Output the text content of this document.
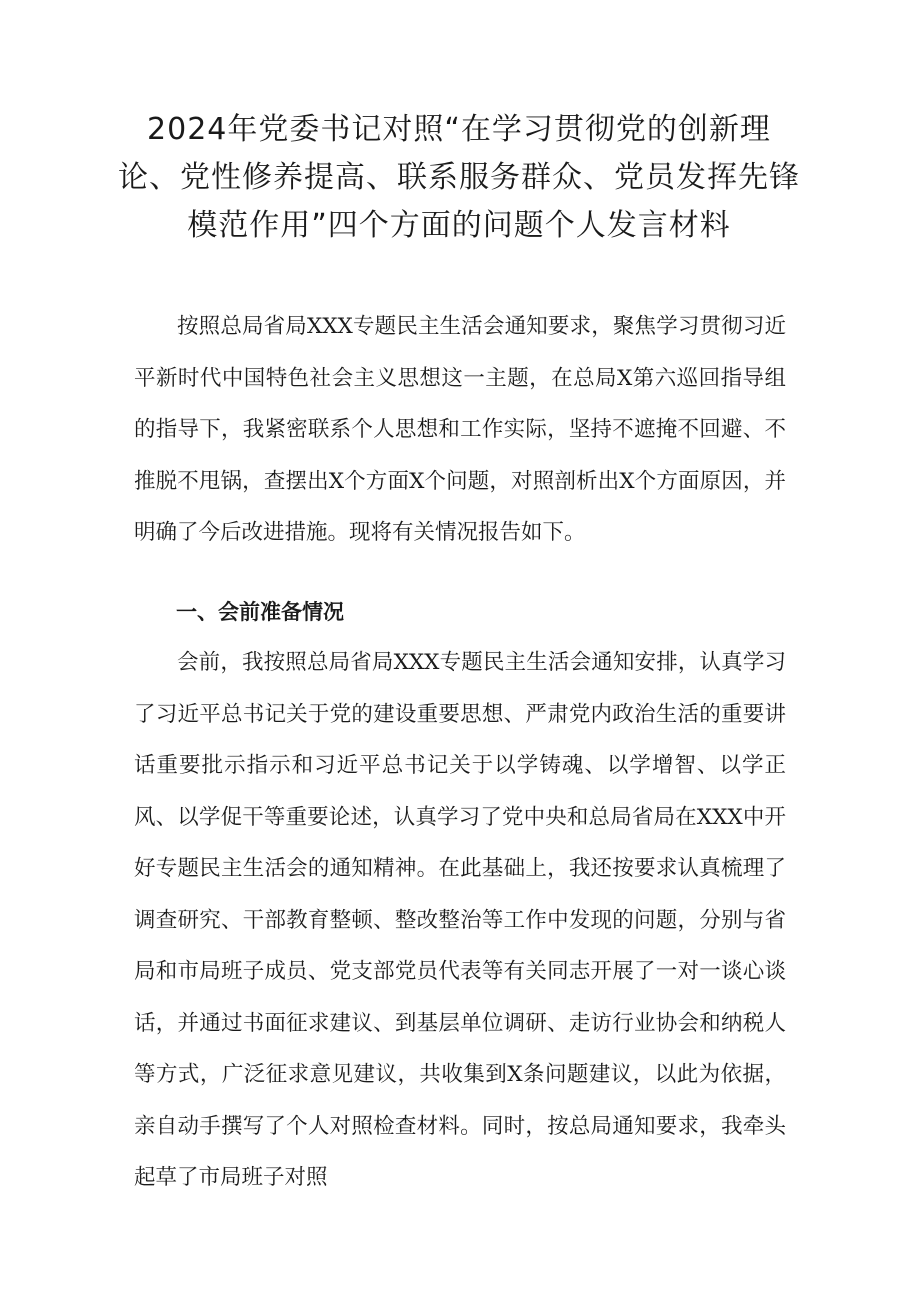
2024年党委书记对照“在学习贯彻党的创新理论、党性修养提高、联系服务群众、党员发挥先锋模范作用”四个方面的问题个人发言材料

按照总局省局XXX专题民主生活会通知要求，聚焦学习贯彻习近平新时代中国特色社会主义思想这一主题，在总局X第六巡回指导组的指导下，我紧密联系个人思想和工作实际，坚持不遮掩不回避、不推脱不甩锅，查摆出X个方面X个问题，对照剖析出X个方面原因，并明确了今后改进措施。现将有关情况报告如下。

一、会前准备情况

会前，我按照总局省局XXX专题民主生活会通知安排，认真学习了习近平总书记关于党的建设重要思想、严肃党内政治生活的重要讲话重要批示指示和习近平总书记关于以学铸魂、以学增智、以学正风、以学促干等重要论述，认真学习了党中央和总局省局在XXX中开好专题民主生活会的通知精神。在此基础上，我还按要求认真梳理了调查研究、干部教育整顿、整改整治等工作中发现的问题，分别与省局和市局班子成员、党支部党员代表等有关同志开展了一对一谈心谈话，并通过书面征求建议、到基层单位调研、走访行业协会和纳税人等方式，广泛征求意见建议，共收集到X条问题建议，以此为依据，亲自动手撰写了个人对照检查材料。同时，按总局通知要求，我牵头起草了市局班子对照
